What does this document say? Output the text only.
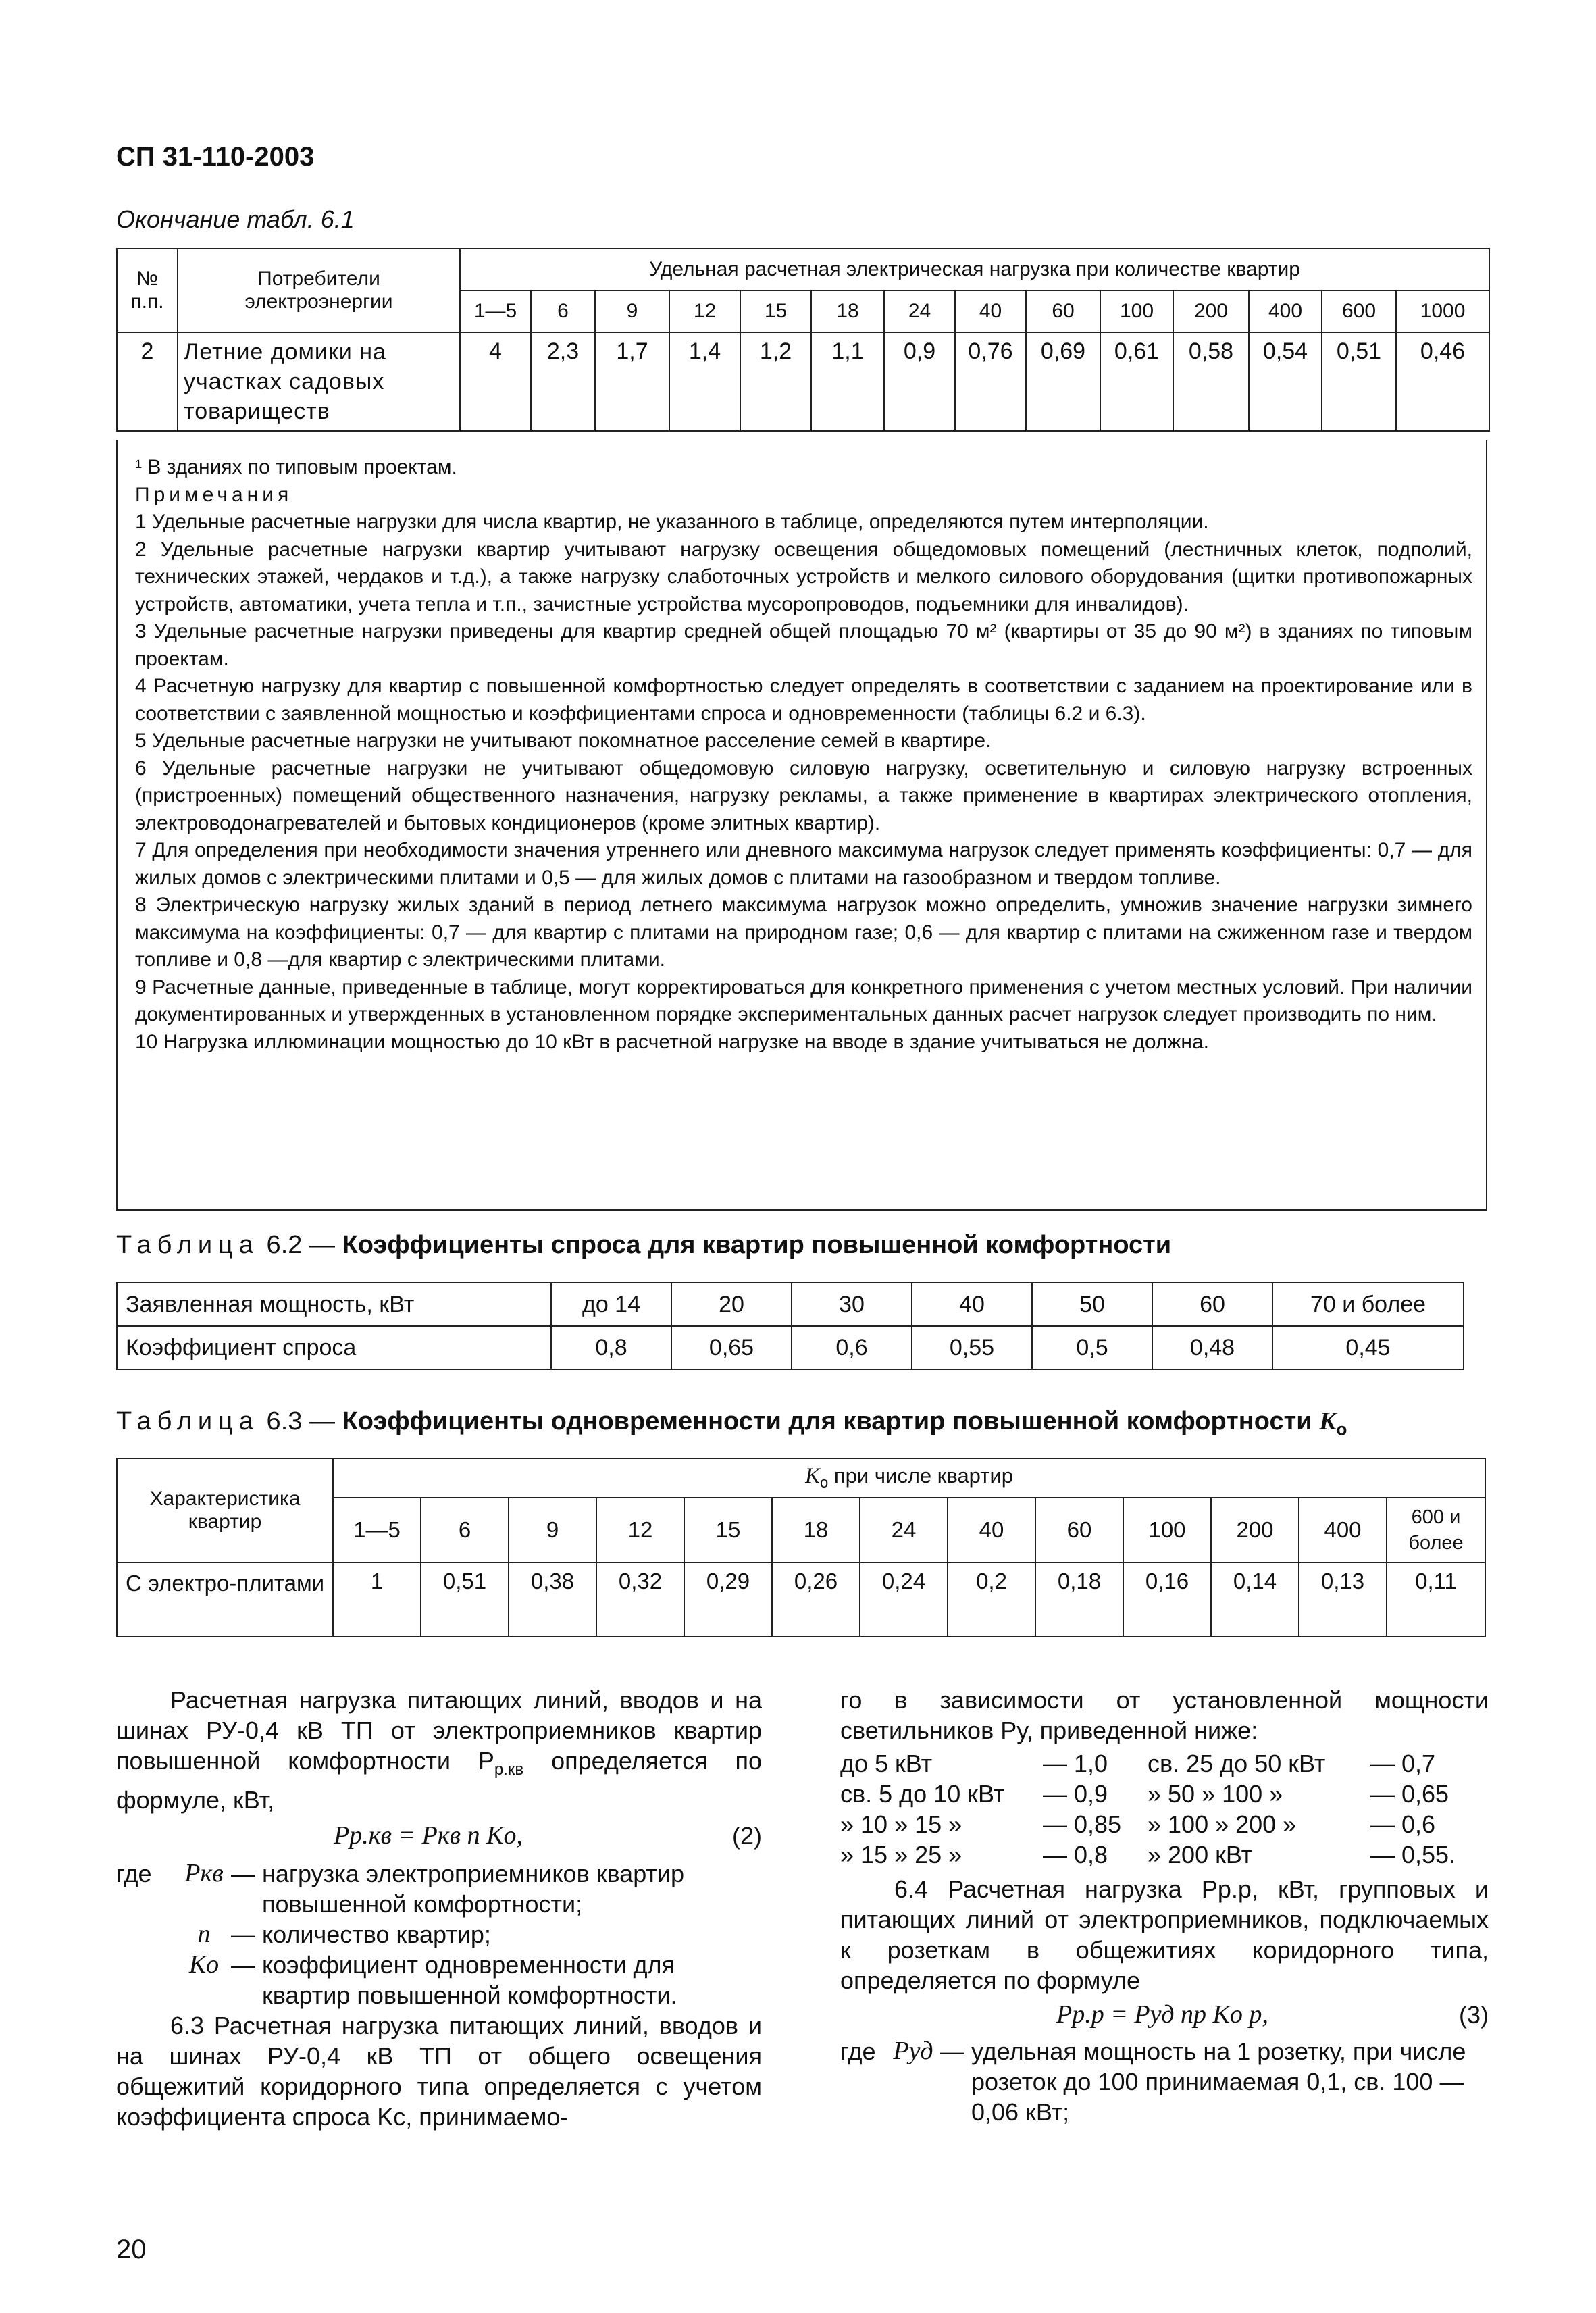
СП 31-110-2003
Окончание табл. 6.1
№ п.п.	Потребители электроэнергии	Удельная расчетная электрическая нагрузка при количестве квартир													
		1—5	6	9	12	15	18	24	40	60	100	200	400	600	1000
2	Летние домики на участках садовых товариществ	4	2,3	1,7	1,4	1,2	1,1	0,9	0,76	0,69	0,61	0,58	0,54	0,51	0,46

¹ В зданиях по типовым проектам.

Примечания

1 Удельные расчетные нагрузки для числа квартир, не указанного в таблице, определяются путем интерполяции.

2 Удельные расчетные нагрузки квартир учитывают нагрузку освещения общедомовых помещений (лестничных клеток, подполий, технических этажей, чердаков и т.д.), а также нагрузку слаботочных устройств и мелкого силового оборудования (щитки противопожарных устройств, автоматики, учета тепла и т.п., зачистные устройства мусоропроводов, подъемники для инвалидов).

3 Удельные расчетные нагрузки приведены для квартир средней общей площадью 70 м² (квартиры от 35 до 90 м²) в зданиях по типовым проектам.

4 Расчетную нагрузку для квартир с повышенной комфортностью следует определять в соответствии с заданием на проектирование или в соответствии с заявленной мощностью и коэффициентами спроса и одновременности (таблицы 6.2 и 6.3).

5 Удельные расчетные нагрузки не учитывают покомнатное расселение семей в квартире.

6 Удельные расчетные нагрузки не учитывают общедомовую силовую нагрузку, осветительную и силовую нагрузку встроенных (пристроенных) помещений общественного назначения, нагрузку рекламы, а также применение в квартирах электрического отопления, электроводонагревателей и бытовых кондиционеров (кроме элитных квартир).

7 Для определения при необходимости значения утреннего или дневного максимума нагрузок следует применять коэффициенты: 0,7 — для жилых домов с электрическими плитами и 0,5 — для жилых домов с плитами на газообразном и твердом топливе.

8 Электрическую нагрузку жилых зданий в период летнего максимума нагрузок можно определить, умножив значение нагрузки зимнего максимума на коэффициенты: 0,7 — для квартир с плитами на природном газе; 0,6 — для квартир с плитами на сжиженном газе и твердом топливе и 0,8 —для квартир с электрическими плитами.

9 Расчетные данные, приведенные в таблице, могут корректироваться для конкретного применения с учетом местных условий. При наличии документированных и утвержденных в установленном порядке экспериментальных данных расчет нагрузок следует производить по ним.

10 Нагрузка иллюминации мощностью до 10 кВт в расчетной нагрузке на вводе в здание учитываться не должна.

Таблица 6.2 — Коэффициенты спроса для квартир повышенной комфортности
Заявленная мощность, кВт	до 14	20	30	40	50	60	70 и более
Коэффициент спроса	0,8	0,65	0,6	0,55	0,5	0,48	0,45
Таблица 6.3 — Коэффициенты одновременности для квартир повышенной комфортности $K_о$
Характеристика квартир	$K_о$ при числе квартир												
	1—5	6	9	12	15	18	24	40	60	100	200	400	600 и более
С электро-плитами	1	0,51	0,38	0,32	0,29	0,26	0,24	0,2	0,18	0,16	0,14	0,13	0,11

Расчетная нагрузка питающих линий, вводов и на шинах РУ-0,4 кВ ТП от электроприемников квартир повышенной комфортности $P_{р.кв}$ определяется по формуле, кВт,

Pр.кв = Pкв n Kо,	(2)
где	Pкв — нагрузка электроприемников квартир повышенной комфортности;
n — количество квартир;
Kо — коэффициент одновременности для квартир повышенной комфортности.

6.3 Расчетная нагрузка питающих линий, вводов и на шинах РУ-0,4 кВ ТП от общего освещения общежитий коридорного типа определяется с учетом коэффициента спроса Kс, принимаемо-

го в зависимости от установленной мощности светильников Pу, приведенной ниже:

до 5 кВт	— 1,0
св. 5 до 10 кВт	— 0,9
» 10 » 15 »	— 0,85
» 15 » 25 »	— 0,8
св. 25 до 50 кВт	— 0,7
» 50 » 100 »	— 0,65
» 100 » 200 »	— 0,6
» 200 кВт	— 0,55.

6.4 Расчетная нагрузка Pр.р, кВт, групповых и питающих линий от электроприемников, подключаемых к розеткам в общежитиях коридорного типа, определяется по формуле

Pр.р = Pуд nр Kо р,	(3)
где Pуд — удельная мощность на 1 розетку, при числе розеток до 100 принимаемая 0,1, св. 100 — 0,06 кВт;
20
